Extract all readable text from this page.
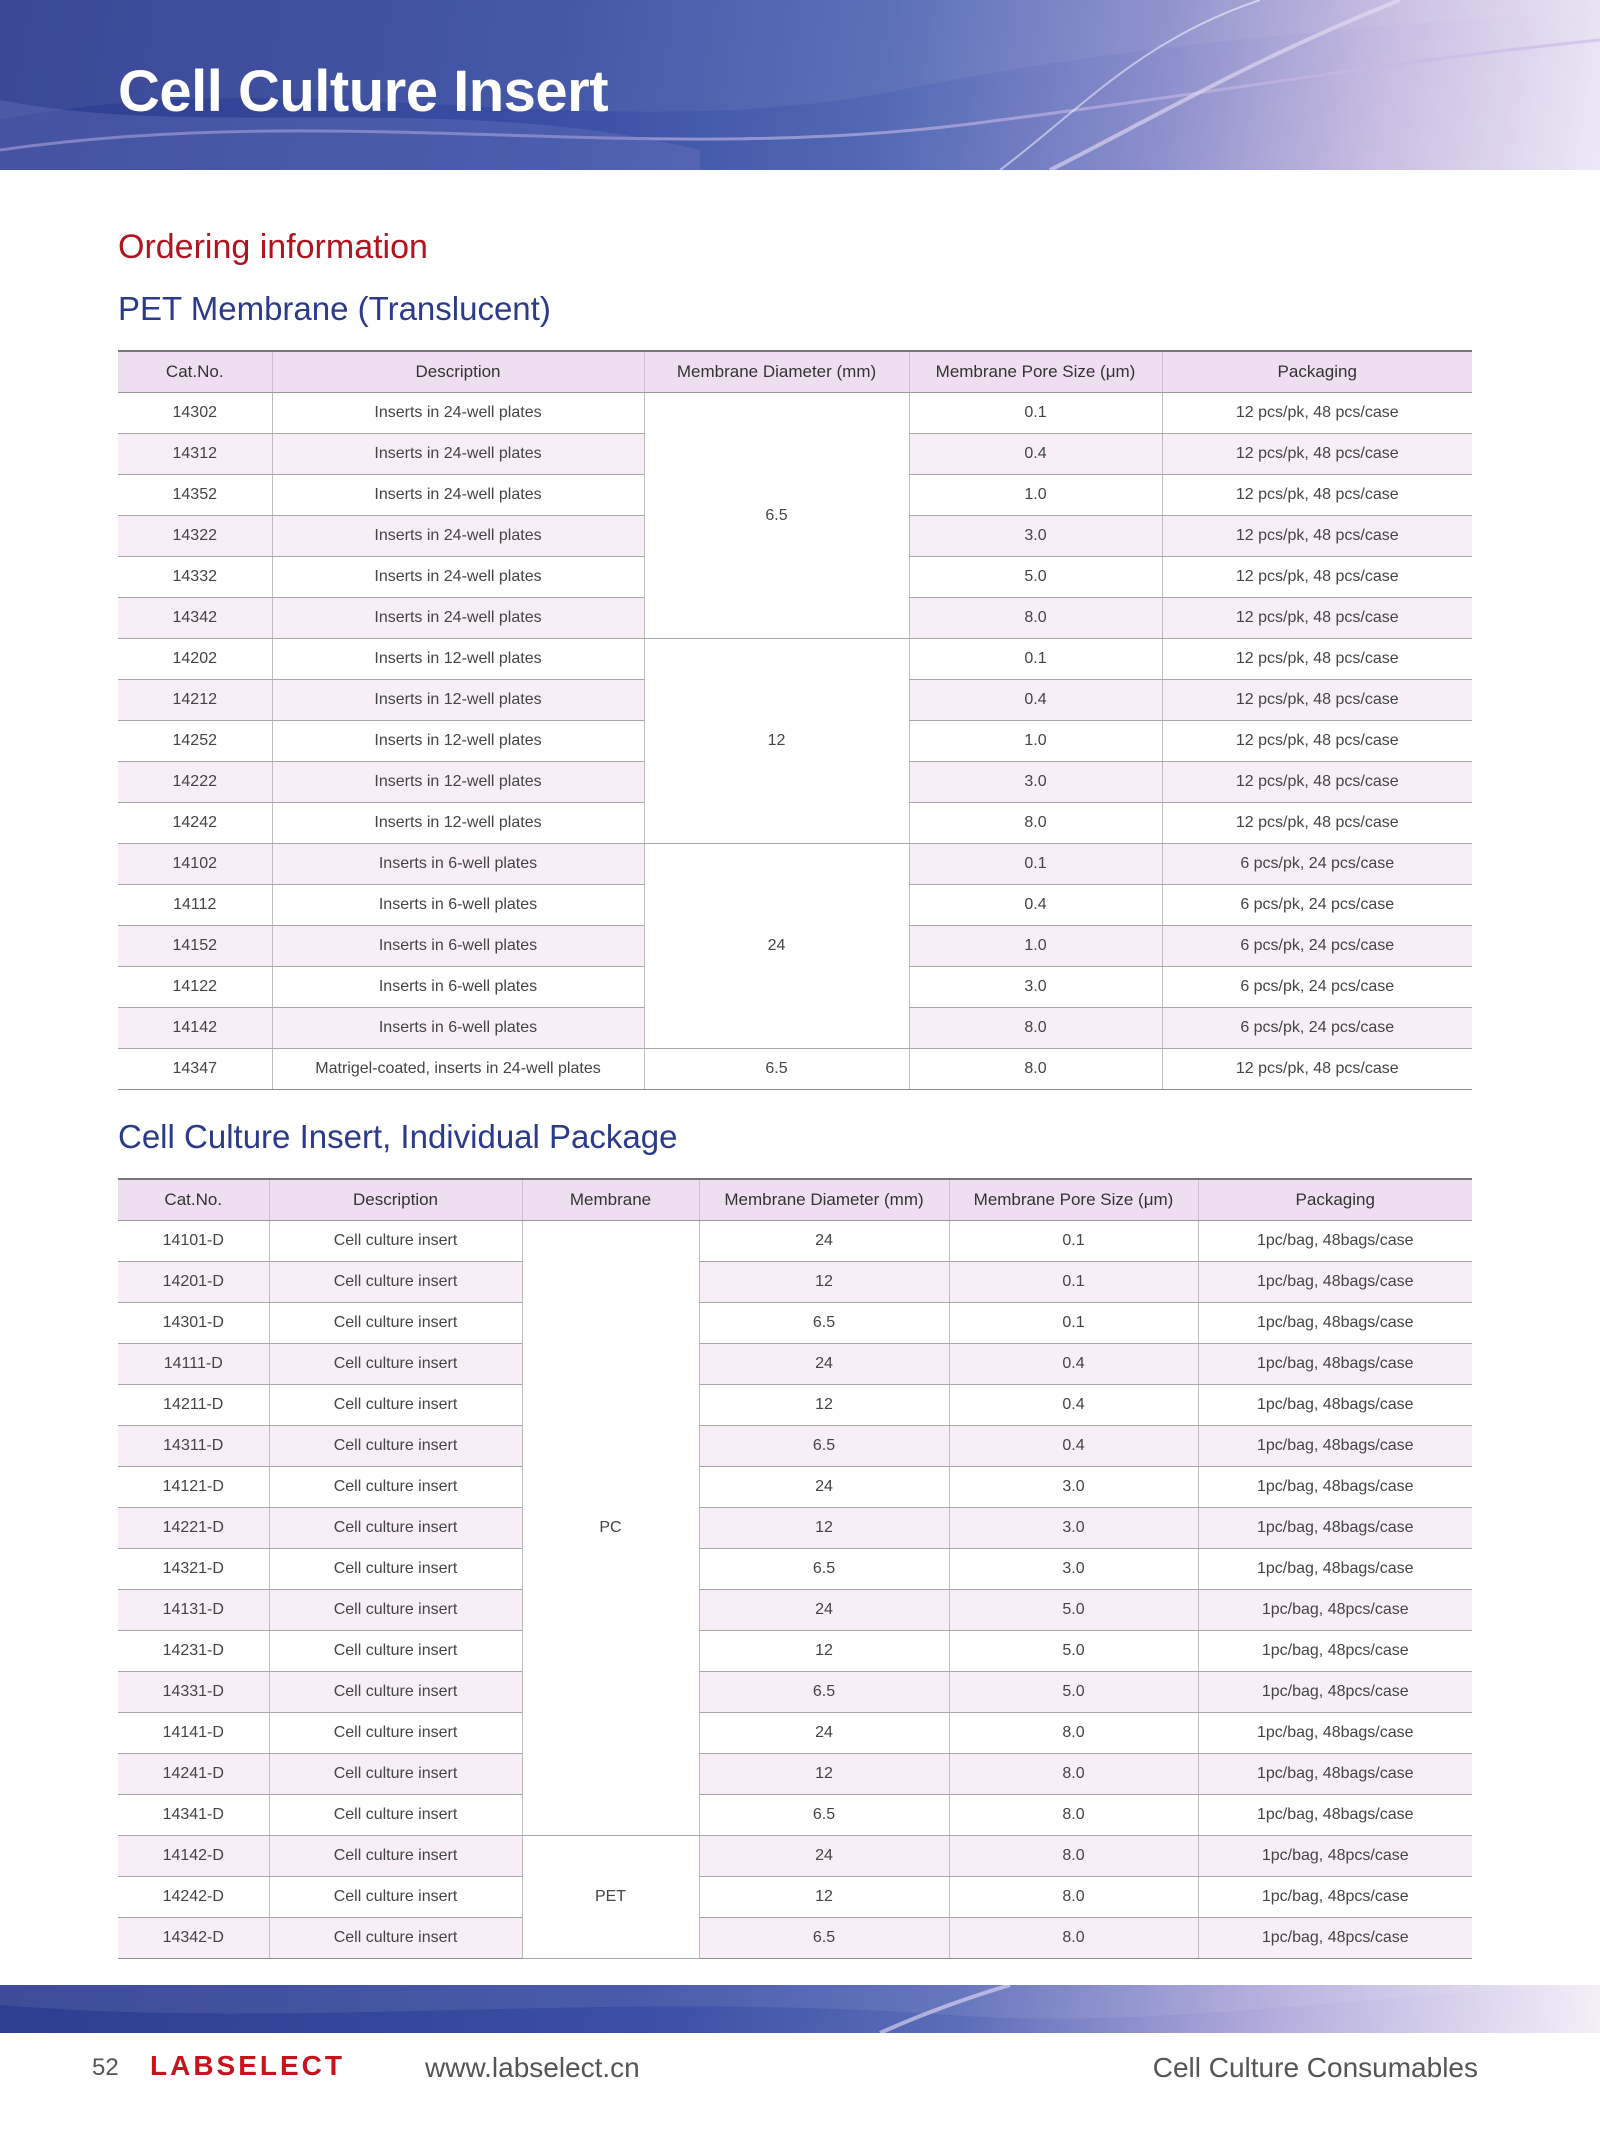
Cell Culture Insert
Ordering information
PET Membrane (Translucent)
Cat.No.	Description	Membrane Diameter (mm)	Membrane Pore Size (μm)	Packaging
14302	Inserts in 24-well plates	6.5	0.1	12 pcs/pk, 48 pcs/case
14312	Inserts in 24-well plates		0.4	12 pcs/pk, 48 pcs/case
14352	Inserts in 24-well plates		1.0	12 pcs/pk, 48 pcs/case
14322	Inserts in 24-well plates		3.0	12 pcs/pk, 48 pcs/case
14332	Inserts in 24-well plates		5.0	12 pcs/pk, 48 pcs/case
14342	Inserts in 24-well plates		8.0	12 pcs/pk, 48 pcs/case
14202	Inserts in 12-well plates	12	0.1	12 pcs/pk, 48 pcs/case
14212	Inserts in 12-well plates		0.4	12 pcs/pk, 48 pcs/case
14252	Inserts in 12-well plates		1.0	12 pcs/pk, 48 pcs/case
14222	Inserts in 12-well plates		3.0	12 pcs/pk, 48 pcs/case
14242	Inserts in 12-well plates		8.0	12 pcs/pk, 48 pcs/case
14102	Inserts in 6-well plates	24	0.1	6 pcs/pk, 24 pcs/case
14112	Inserts in 6-well plates		0.4	6 pcs/pk, 24 pcs/case
14152	Inserts in 6-well plates		1.0	6 pcs/pk, 24 pcs/case
14122	Inserts in 6-well plates		3.0	6 pcs/pk, 24 pcs/case
14142	Inserts in 6-well plates		8.0	6 pcs/pk, 24 pcs/case
14347	Matrigel-coated, inserts in 24-well plates	6.5	8.0	12 pcs/pk, 48 pcs/case
Cell Culture Insert, Individual Package
Cat.No.	Description	Membrane	Membrane Diameter (mm)	Membrane Pore Size (μm)	Packaging
14101-D	Cell culture insert	PC	24	0.1	1pc/bag, 48bags/case
14201-D	Cell culture insert		12	0.1	1pc/bag, 48bags/case
14301-D	Cell culture insert		6.5	0.1	1pc/bag, 48bags/case
14111-D	Cell culture insert		24	0.4	1pc/bag, 48bags/case
14211-D	Cell culture insert		12	0.4	1pc/bag, 48bags/case
14311-D	Cell culture insert		6.5	0.4	1pc/bag, 48bags/case
14121-D	Cell culture insert		24	3.0	1pc/bag, 48bags/case
14221-D	Cell culture insert		12	3.0	1pc/bag, 48bags/case
14321-D	Cell culture insert		6.5	3.0	1pc/bag, 48bags/case
14131-D	Cell culture insert		24	5.0	1pc/bag, 48pcs/case
14231-D	Cell culture insert		12	5.0	1pc/bag, 48pcs/case
14331-D	Cell culture insert		6.5	5.0	1pc/bag, 48pcs/case
14141-D	Cell culture insert		24	8.0	1pc/bag, 48bags/case
14241-D	Cell culture insert		12	8.0	1pc/bag, 48bags/case
14341-D	Cell culture insert		6.5	8.0	1pc/bag, 48bags/case
14142-D	Cell culture insert	PET	24	8.0	1pc/bag, 48pcs/case
14242-D	Cell culture insert		12	8.0	1pc/bag, 48pcs/case
14342-D	Cell culture insert		6.5	8.0	1pc/bag, 48pcs/case
52 LABSELECT	www.labselect.cn	Cell Culture Consumables
